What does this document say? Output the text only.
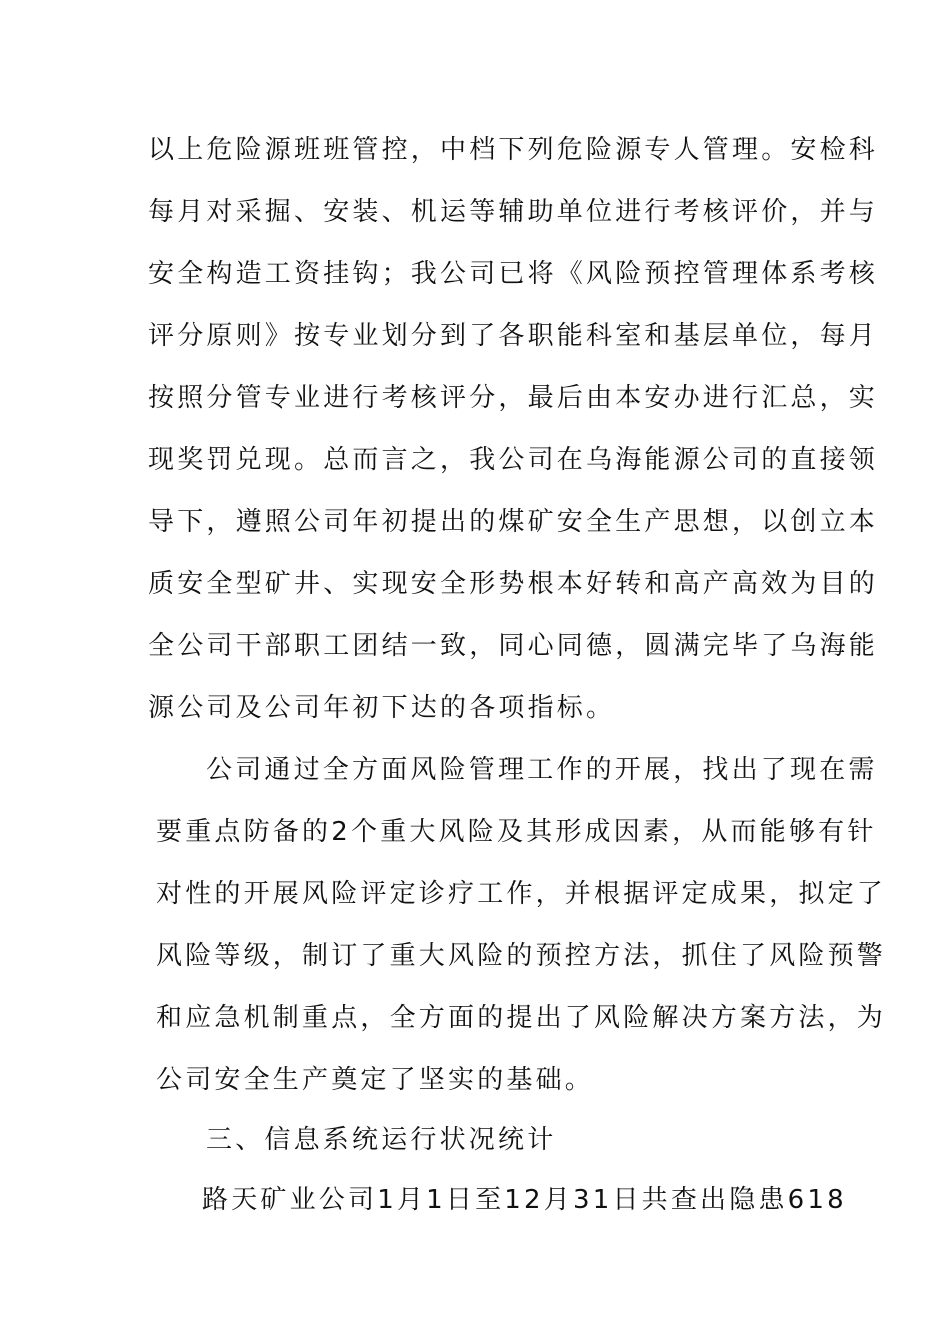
以上危险源班班管控，中档下列危险源专人管理。安检科
每月对采掘、安装、机运等辅助单位进行考核评价，并与
安全构造工资挂钩；我公司已将《风险预控管理体系考核
评分原则》按专业划分到了各职能科室和基层单位，每月
按照分管专业进行考核评分，最后由本安办进行汇总，实
现奖罚兑现。总而言之，我公司在乌海能源公司的直接领
导下，遵照公司年初提出的煤矿安全生产思想，以创立本
质安全型矿井、实现安全形势根本好转和高产高效为目的
全公司干部职工团结一致，同心同德，圆满完毕了乌海能
源公司及公司年初下达的各项指标。
公司通过全方面风险管理工作的开展，找出了现在需
要重点防备的2个重大风险及其形成因素，从而能够有针
对性的开展风险评定诊疗工作，并根据评定成果，拟定了
风险等级，制订了重大风险的预控方法，抓住了风险预警
和应急机制重点，全方面的提出了风险解决方案方法，为
公司安全生产奠定了坚实的基础。
三、信息系统运行状况统计
路天矿业公司1月1日至12月31日共查出隐患618
